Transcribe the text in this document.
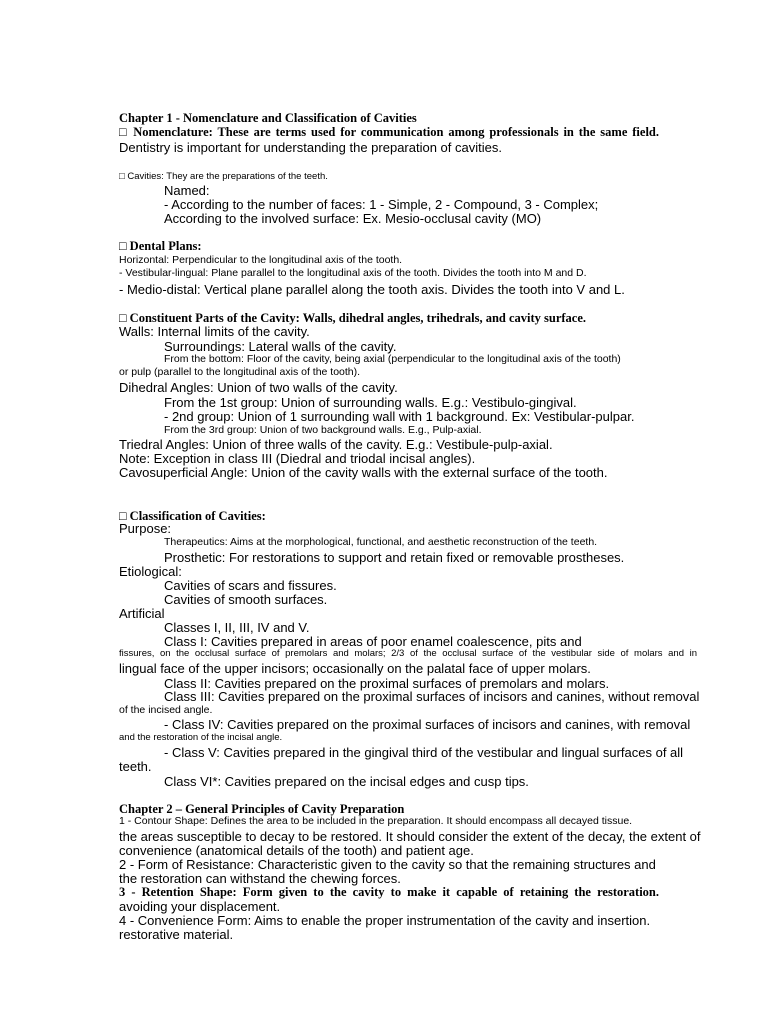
Chapter 1 - Nomenclature and Classification of Cavities
□ Nomenclature: These are terms used for communication among professionals in the same field.
Dentistry is important for understanding the preparation of cavities.
□ Cavities: They are the preparations of the teeth.
Named:
- According to the number of faces: 1 - Simple, 2 - Compound, 3 - Complex;
According to the involved surface: Ex. Mesio-occlusal cavity (MO)
□ Dental Plans:
Horizontal: Perpendicular to the longitudinal axis of the tooth.
- Vestibular-lingual: Plane parallel to the longitudinal axis of the tooth. Divides the tooth into M and D.
- Medio-distal: Vertical plane parallel along the tooth axis. Divides the tooth into V and L.
□ Constituent Parts of the Cavity: Walls, dihedral angles, trihedrals, and cavity surface.
Walls: Internal limits of the cavity.
Surroundings: Lateral walls of the cavity.
From the bottom: Floor of the cavity, being axial (perpendicular to the longitudinal axis of the tooth)
or pulp (parallel to the longitudinal axis of the tooth).
Dihedral Angles: Union of two walls of the cavity.
From the 1st group: Union of surrounding walls. E.g.: Vestibulo-gingival.
- 2nd group: Union of 1 surrounding wall with 1 background. Ex: Vestibular-pulpar.
From the 3rd group: Union of two background walls. E.g., Pulp-axial.
Triedral Angles: Union of three walls of the cavity. E.g.: Vestibule-pulp-axial.
Note: Exception in class III (Diedral and triodal incisal angles).
Cavosuperficial Angle: Union of the cavity walls with the external surface of the tooth.
□ Classification of Cavities:
Purpose:
Therapeutics: Aims at the morphological, functional, and aesthetic reconstruction of the teeth.
Prosthetic: For restorations to support and retain fixed or removable prostheses.
Etiological:
Cavities of scars and fissures.
Cavities of smooth surfaces.
Artificial
Classes I, II, III, IV and V.
Class I: Cavities prepared in areas of poor enamel coalescence, pits and
fissures, on the occlusal surface of premolars and molars; 2/3 of the occlusal surface of the vestibular side of molars and in
lingual face of the upper incisors; occasionally on the palatal face of upper molars.
Class II: Cavities prepared on the proximal surfaces of premolars and molars.
Class III: Cavities prepared on the proximal surfaces of incisors and canines, without removal
of the incised angle.
- Class IV: Cavities prepared on the proximal surfaces of incisors and canines, with removal
and the restoration of the incisal angle.
- Class V: Cavities prepared in the gingival third of the vestibular and lingual surfaces of all
teeth.
Class VI*: Cavities prepared on the incisal edges and cusp tips.
Chapter 2 – General Principles of Cavity Preparation
1 - Contour Shape: Defines the area to be included in the preparation. It should encompass all decayed tissue.
the areas susceptible to decay to be restored. It should consider the extent of the decay, the extent of
convenience (anatomical details of the tooth) and patient age.
2 - Form of Resistance: Characteristic given to the cavity so that the remaining structures and
the restoration can withstand the chewing forces.
3 - Retention Shape: Form given to the cavity to make it capable of retaining the restoration.
avoiding your displacement.
4 - Convenience Form: Aims to enable the proper instrumentation of the cavity and insertion.
restorative material.
